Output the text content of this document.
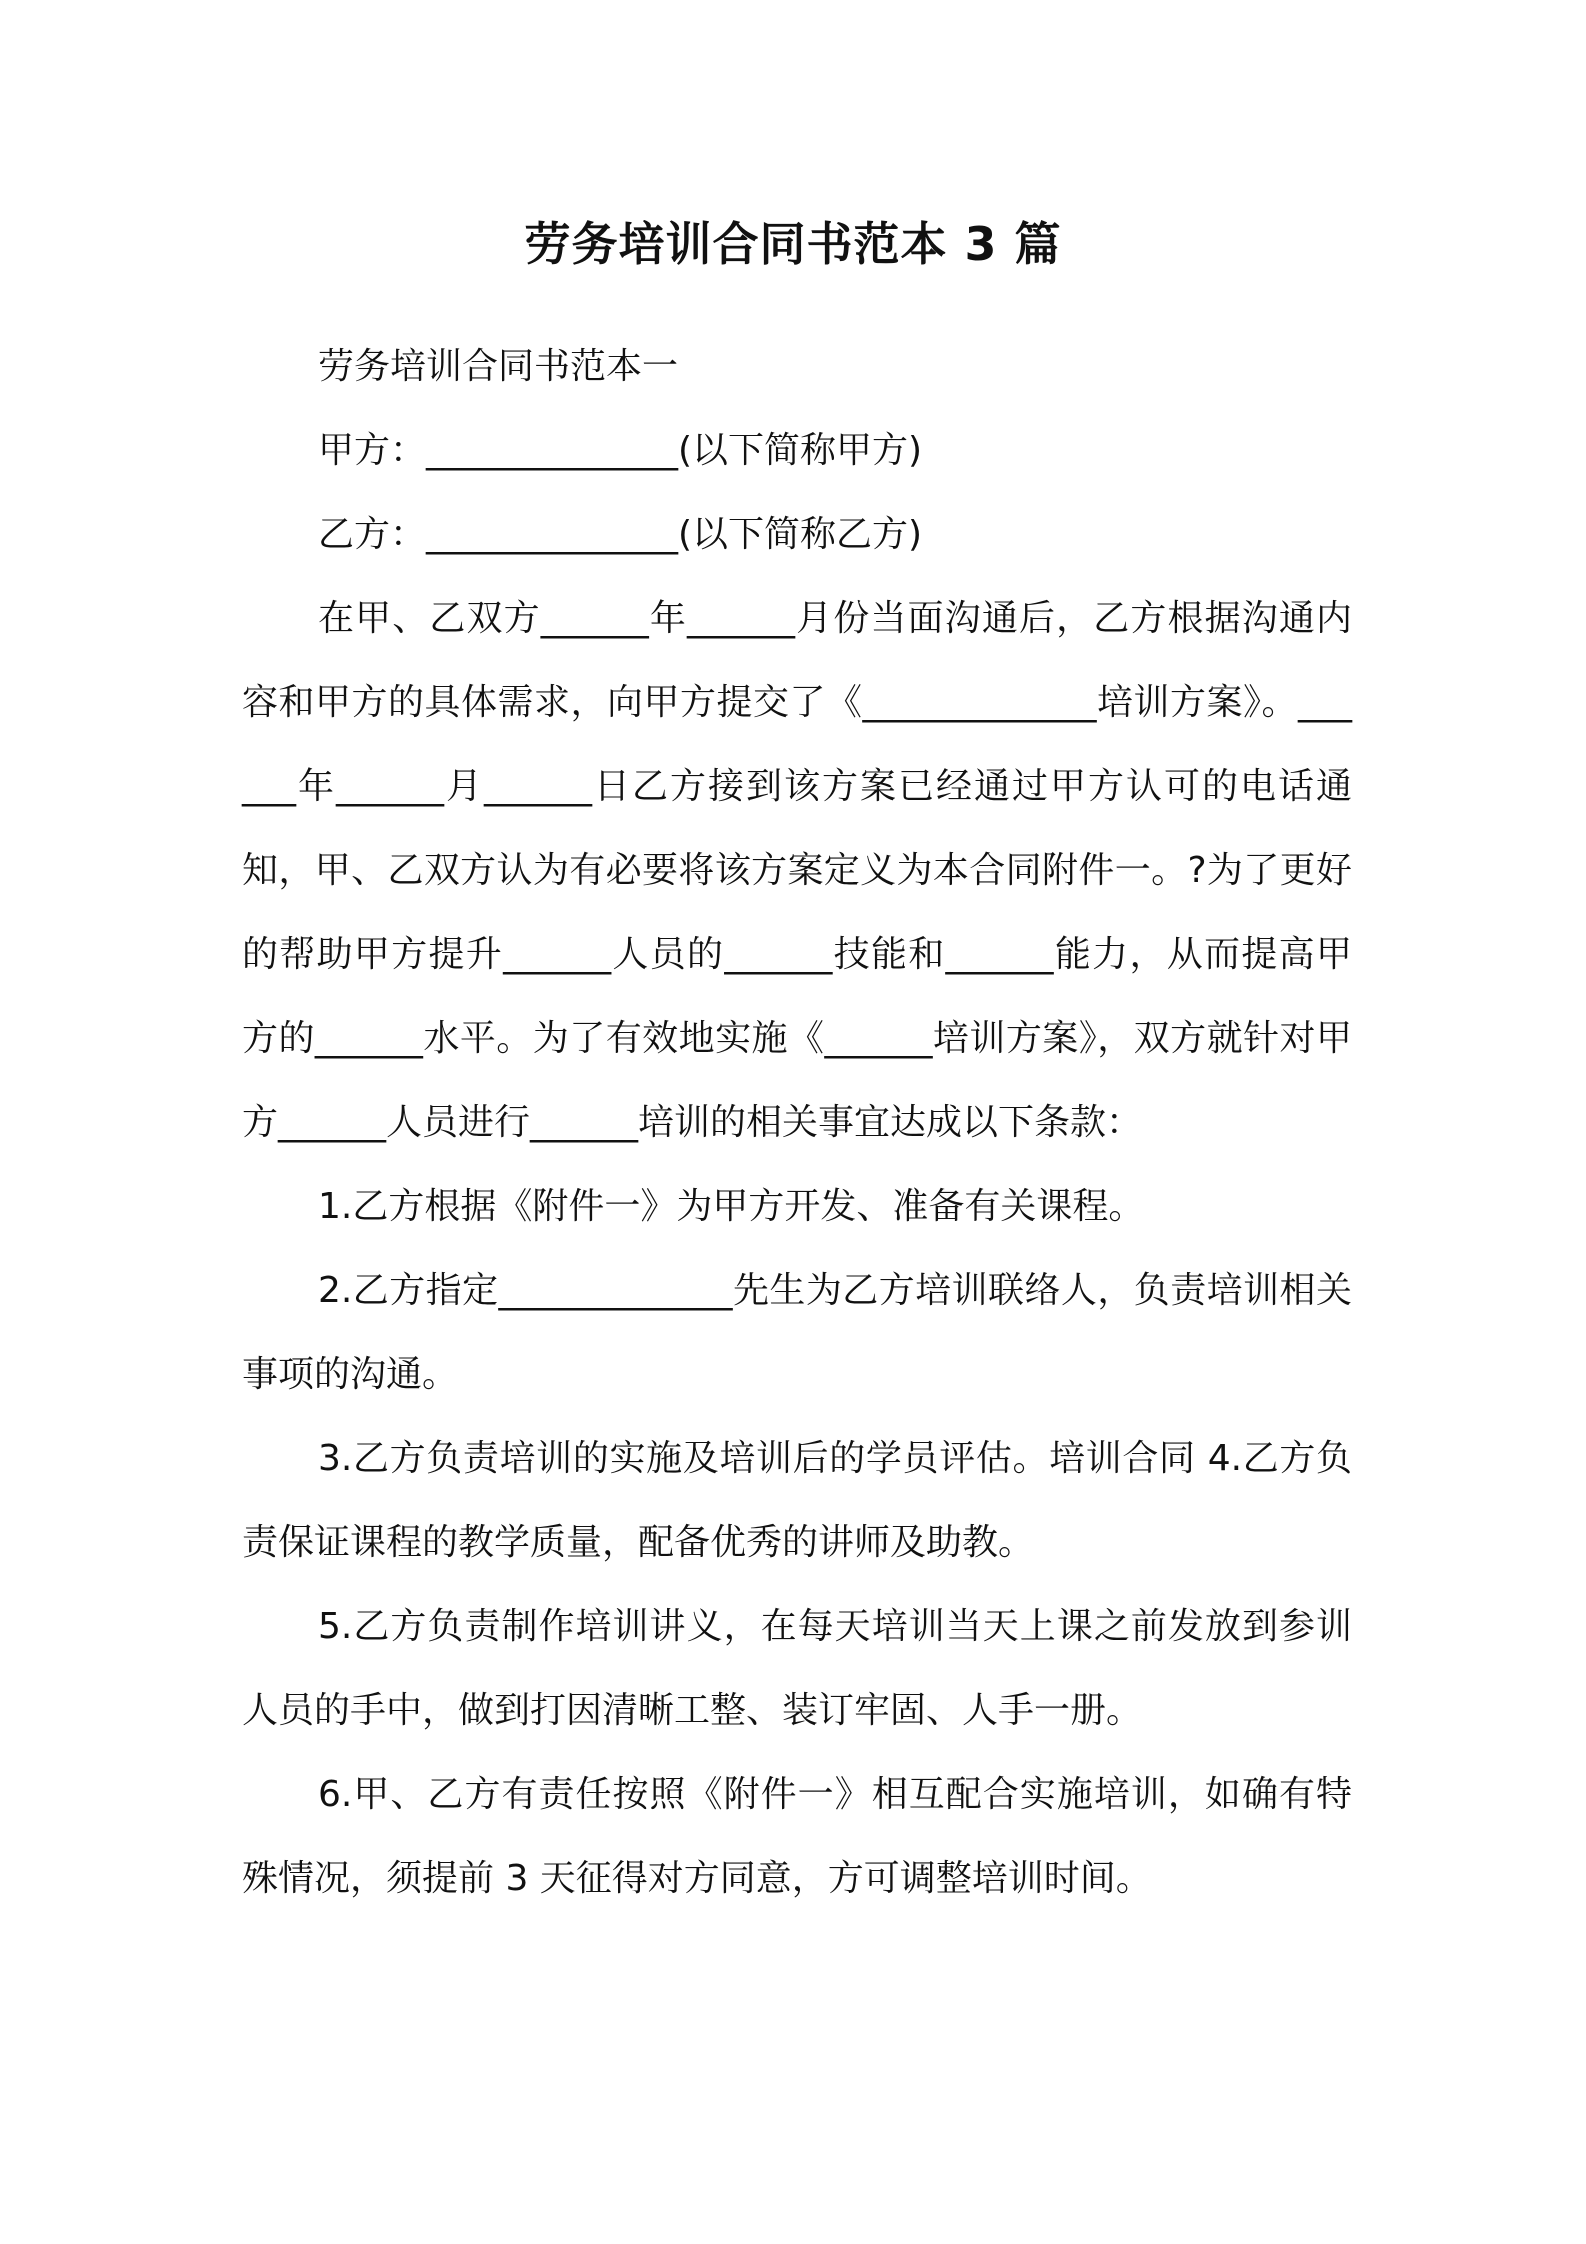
劳务培训合同书范本 3 篇

劳务培训合同书范本一

甲方：______________(以下简称甲方)

乙方：______________(以下简称乙方)

在甲、乙双方______年______月份当面沟通后，乙方根据沟通内容和甲方的具体需求，向甲方提交了《_____________培训方案》。______年______月______日乙方接到该方案已经通过甲方认可的电话通知，甲、乙双方认为有必要将该方案定义为本合同附件一。?为了更好的帮助甲方提升______人员的______技能和______能力，从而提高甲方的______水平。为了有效地实施《______培训方案》，双方就针对甲方______人员进行______培训的相关事宜达成以下条款：

1.乙方根据《附件一》为甲方开发、准备有关课程。

2.乙方指定_____________先生为乙方培训联络人，负责培训相关事项的沟通。

3.乙方负责培训的实施及培训后的学员评估。培训合同 4.乙方负责保证课程的教学质量，配备优秀的讲师及助教。

5.乙方负责制作培训讲义，在每天培训当天上课之前发放到参训人员的手中，做到打因清晰工整、装订牢固、人手一册。

6.甲、乙方有责任按照《附件一》相互配合实施培训，如确有特殊情况，须提前 3 天征得对方同意，方可调整培训时间。
